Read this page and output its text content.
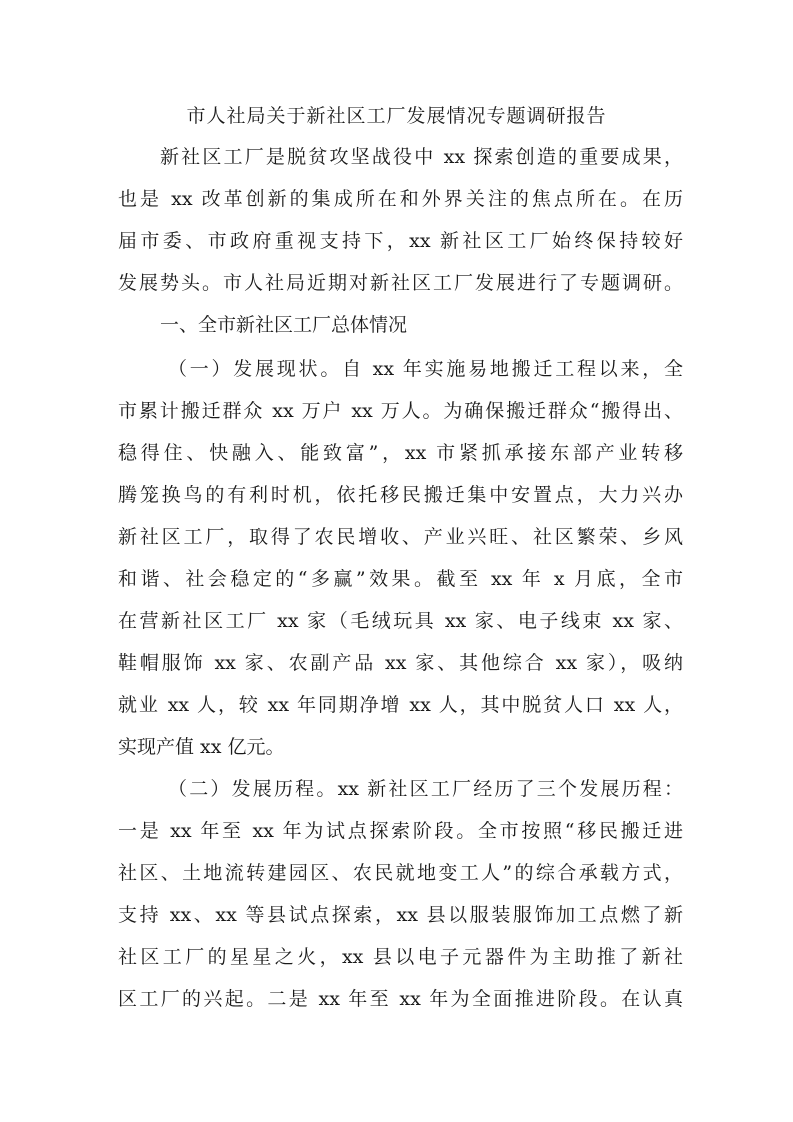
市人社局关于新社区工厂发展情况专题调研报告
新社区工厂是脱贫攻坚战役中 xx 探索创造的重要成果，
也是 xx 改革创新的集成所在和外界关注的焦点所在。在历
届市委、市政府重视支持下，xx 新社区工厂始终保持较好
发展势头。市人社局近期对新社区工厂发展进行了专题调研。
一、全市新社区工厂总体情况
（一）发展现状。自 xx 年实施易地搬迁工程以来，全
市累计搬迁群众 xx 万户 xx 万人。为确保搬迁群众“搬得出、
稳得住、快融入、能致富”，xx 市紧抓承接东部产业转移
腾笼换鸟的有利时机，依托移民搬迁集中安置点，大力兴办
新社区工厂，取得了农民增收、产业兴旺、社区繁荣、乡风
和谐、社会稳定的“多赢”效果。截至 xx 年 x 月底，全市
在营新社区工厂 xx 家（毛绒玩具 xx 家、电子线束 xx 家、
鞋帽服饰 xx 家、农副产品 xx 家、其他综合 xx 家），吸纳
就业 xx 人，较 xx 年同期净增 xx 人，其中脱贫人口 xx 人，
实现产值 xx 亿元。
（二）发展历程。xx 新社区工厂经历了三个发展历程：
一是 xx 年至 xx 年为试点探索阶段。全市按照“移民搬迁进
社区、土地流转建园区、农民就地变工人”的综合承载方式，
支持 xx、xx 等县试点探索，xx 县以服装服饰加工点燃了新
社区工厂的星星之火，xx 县以电子元器件为主助推了新社
区工厂的兴起。二是 xx 年至 xx 年为全面推进阶段。在认真
